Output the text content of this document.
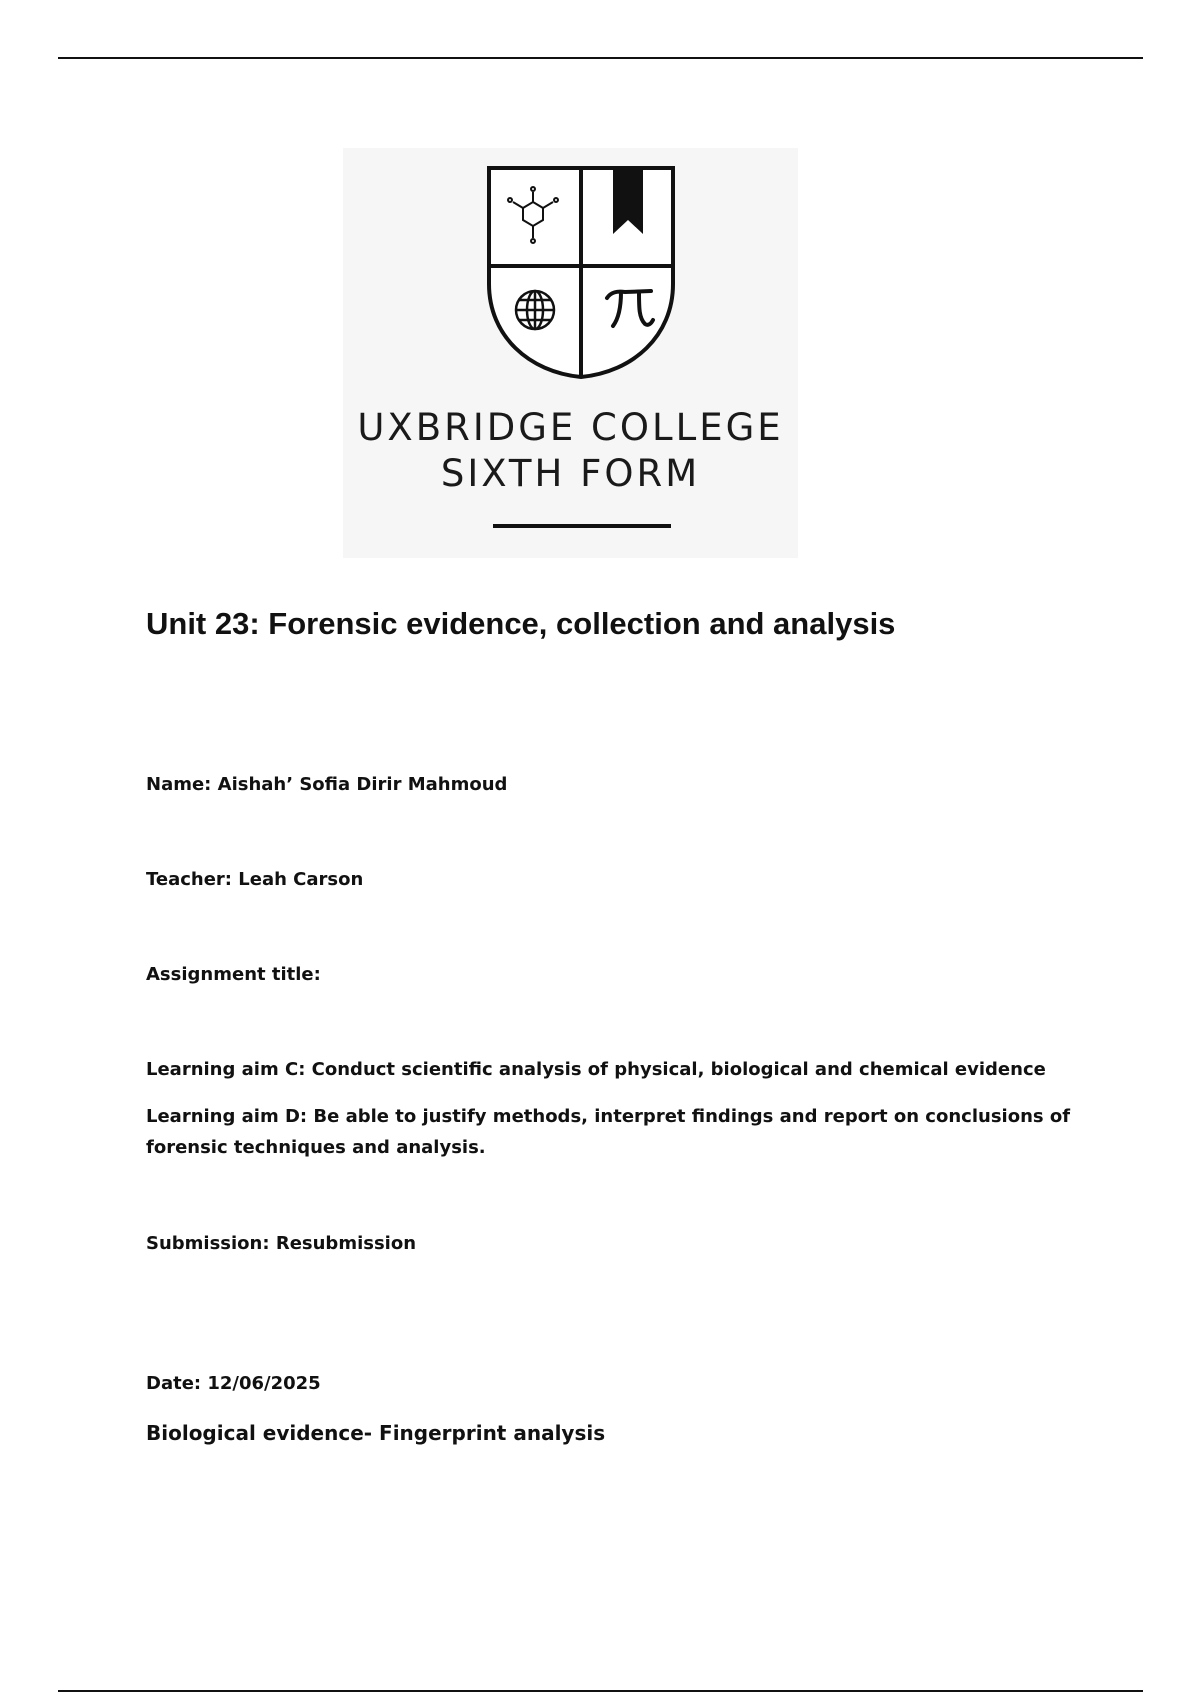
UXBRIDGE COLLEGE
SIXTH FORM
Unit 23: Forensic evidence, collection and analysis
Name: Aishah’ Sofia Dirir Mahmoud
Teacher: Leah Carson
Assignment title:
Learning aim C: Conduct scientific analysis of physical, biological and chemical evidence
Learning aim D: Be able to justify methods, interpret findings and report on conclusions of forensic techniques and analysis.
Submission: Resubmission
Date: 12/06/2025
Biological evidence- Fingerprint analysis
